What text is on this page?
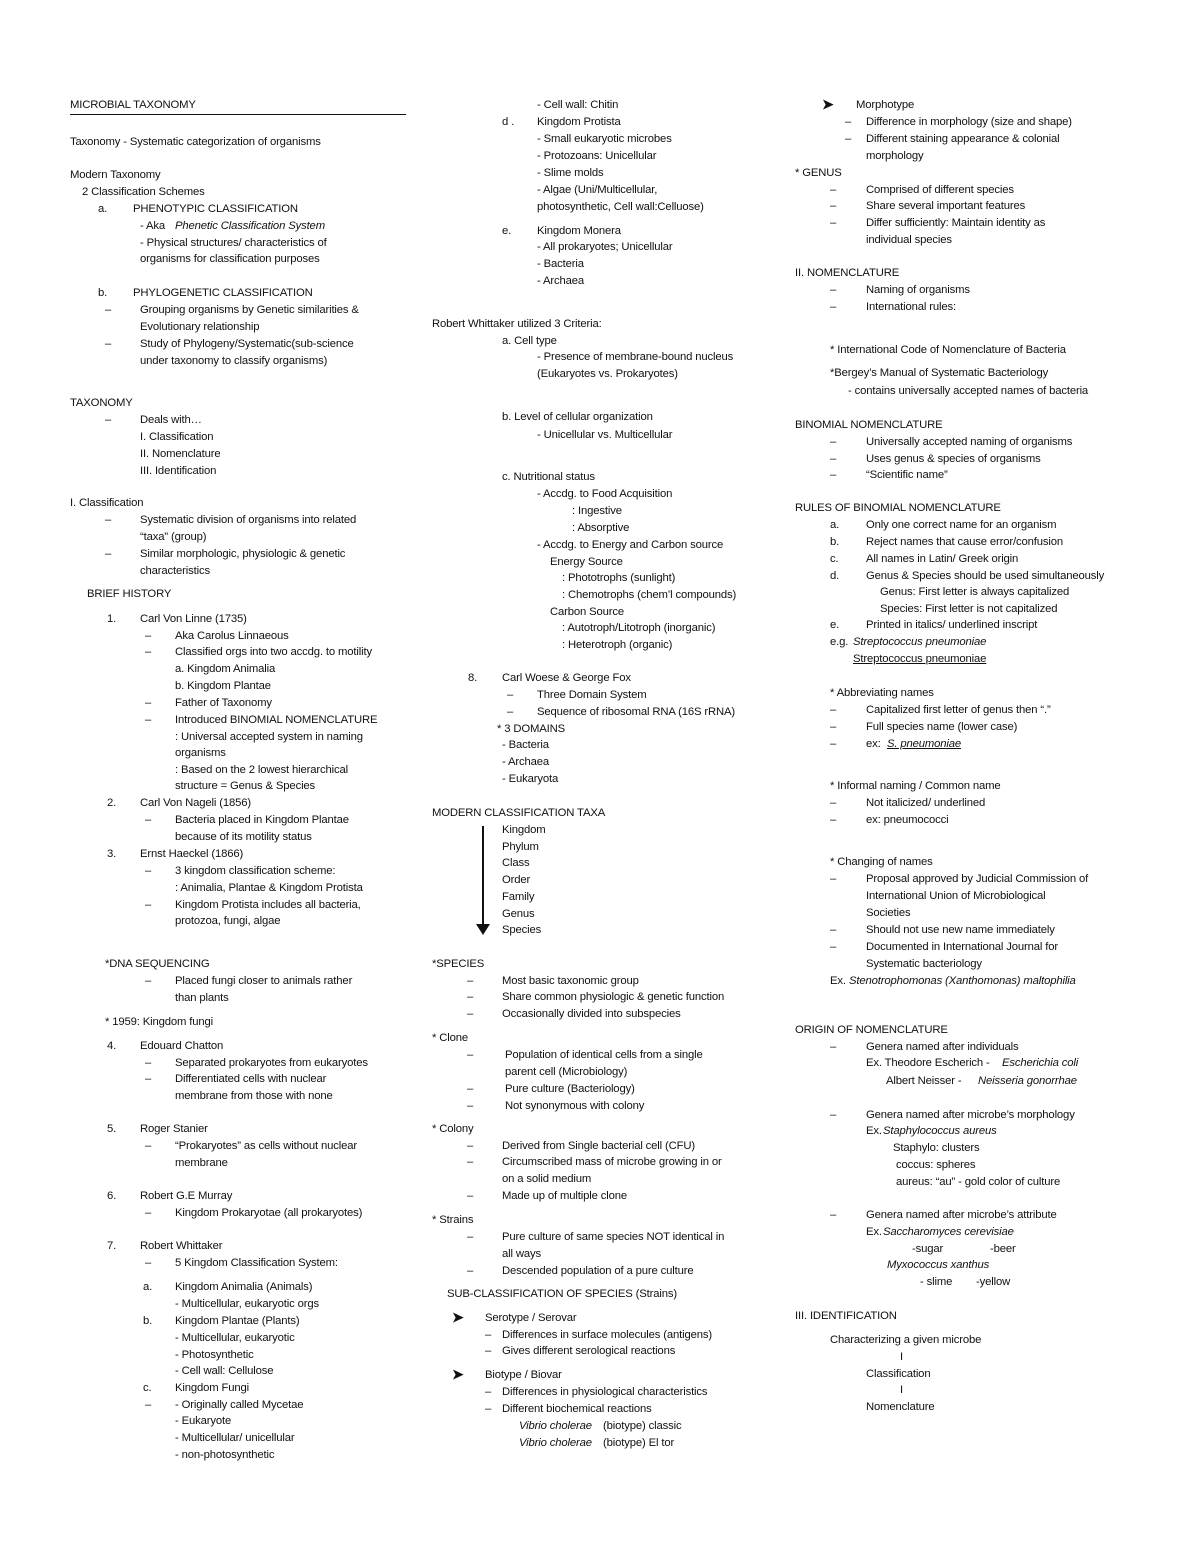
MICROBIAL TAXONOMY
Taxonomy - Systematic categorization of organisms
Modern Taxonomy
2 Classification Schemes
a. PHENOTYPIC CLASSIFICATION
- Aka Phenetic Classification System
- Physical structures/ characteristics of
organisms for classification purposes
b. PHYLOGENETIC CLASSIFICATION
–	Grouping organisms by Genetic similarities &
Evolutionary relationship
–	Study of Phylogeny/Systematic(sub-science
under taxonomy to classify organisms)
TAXONOMY
–	Deals with…
I. Classification
II. Nomenclature
III. Identification
I. Classification
–	Systematic division of organisms into related
“taxa” (group)
–	Similar morphologic, physiologic & genetic
characteristics
BRIEF HISTORY
1. Carl Von Linne (1735)
– Aka Carolus Linnaeous
– Classified orgs into two accdg. to motility
a. Kingdom Animalia
b. Kingdom Plantae
– Father of Taxonomy
– Introduced BINOMIAL NOMENCLATURE
: Universal accepted system in naming
organisms
: Based on the 2 lowest hierarchical
structure = Genus & Species
2. Carl Von Nageli (1856)
– Bacteria placed in Kingdom Plantae
because of its motility status
3. Ernst Haeckel (1866)
– 3 kingdom classification scheme:
: Animalia, Plantae & Kingdom Protista
– Kingdom Protista includes all bacteria,
protozoa, fungi, algae
*DNA SEQUENCING
– Placed fungi closer to animals rather
than plants
* 1959: Kingdom fungi
4. Edouard Chatton
– Separated prokaryotes from eukaryotes
– Differentiated cells with nuclear
membrane from those with none
5. Roger Stanier
– “Prokaryotes” as cells without nuclear
membrane
6. Robert G.E Murray
– Kingdom Prokaryotae (all prokaryotes)
7. Robert Whittaker
– 5 Kingdom Classification System:
a. Kingdom Animalia (Animals)
- Multicellular, eukaryotic orgs
b. Kingdom Plantae (Plants)
- Multicellular, eukaryotic
- Photosynthetic
- Cell wall: Cellulose
c. Kingdom Fungi
– - Originally called Mycetae
- Eukaryote
- Multicellular/ unicellular
- non-photosynthetic
- Cell wall: Chitin
d . Kingdom Protista
- Small eukaryotic microbes
- Protozoans: Unicellular
- Slime molds
- Algae (Uni/Multicellular,
photosynthetic, Cell wall:Celluose)
e. Kingdom Monera
- All prokaryotes; Unicellular
- Bacteria
- Archaea
Robert Whittaker utilized 3 Criteria:
a. Cell type
- Presence of membrane-bound nucleus
(Eukaryotes vs. Prokaryotes)
b. Level of cellular organization
- Unicellular vs. Multicellular
c. Nutritional status
- Accdg. to Food Acquisition
: Ingestive
: Absorptive
- Accdg. to Energy and Carbon source
Energy Source
: Phototrophs (sunlight)
: Chemotrophs (chem’l compounds)
Carbon Source
: Autotroph/Litotroph (inorganic)
: Heterotroph (organic)
8. Carl Woese & George Fox
– Three Domain System
– Sequence of ribosomal RNA (16S rRNA)
* 3 DOMAINS
- Bacteria
- Archaea
- Eukaryota
MODERN CLASSIFICATION TAXA
Kingdom
Phylum
Class
Order
Family
Genus
Species
*SPECIES
–	Most basic taxonomic group
–	Share common physiologic & genetic function
–	Occasionally divided into subspecies
* Clone
–	Population of identical cells from a single
parent cell (Microbiology)
–	Pure culture (Bacteriology)
–	Not synonymous with colony
* Colony
–	Derived from Single bacterial cell (CFU)
–	Circumscribed mass of microbe growing in or
on a solid medium
–	Made up of multiple clone
* Strains
–	Pure culture of same species NOT identical in
all ways
–	Descended population of a pure culture
SUB-CLASSIFICATION OF SPECIES (Strains)
Serotype / Serovar
– Differences in surface molecules (antigens)
– Gives different serological reactions
Biotype / Biovar
– Differences in physiological characteristics
– Different biochemical reactions
Vibrio cholerae (biotype) classic
Vibrio cholerae (biotype) El tor
Morphotype
– Difference in morphology (size and shape)
– Different staining appearance & colonial
morphology
* GENUS
–	Comprised of different species
–	Share several important features
–	Differ sufficiently: Maintain identity as
individual species
II. NOMENCLATURE
–	Naming of organisms
–	International rules:
* International Code of Nomenclature of Bacteria
*Bergey’s Manual of Systematic Bacteriology
- contains universally accepted names of bacteria
BINOMIAL NOMENCLATURE
–	Universally accepted naming of organisms
–	Uses genus & species of organisms
–	“Scientific name”
RULES OF BINOMIAL NOMENCLATURE
a. Only one correct name for an organism
b. Reject names that cause error/confusion
c. All names in Latin/ Greek origin
d. Genus & Species should be used simultaneously
Genus: First letter is always capitalized
Species: First letter is not capitalized
e. Printed in italics/ underlined inscript
e.g. Streptococcus pneumoniae
Streptococcus pneumoniae
* Abbreviating names
–	Capitalized first letter of genus then “.”
–	Full species name (lower case)
–	ex: S. pneumoniae
* Informal naming / Common name
–	Not italicized/ underlined
–	ex: pneumococci
* Changing of names
–	Proposal approved by Judicial Commission of
International Union of Microbiological
Societies
–	Should not use new name immediately
–	Documented in International Journal for
Systematic bacteriology
Ex. Stenotrophomonas (Xanthomonas) maltophilia
ORIGIN OF NOMENCLATURE
–	Genera named after individuals
Ex. Theodore Escherich - Escherichia coli
Albert Neisser - Neisseria gonorrhae
–	Genera named after microbe’s morphology
Ex. Staphylococcus aureus
Staphylo: clusters
coccus: spheres
aureus: “au” - gold color of culture
–	Genera named after microbe’s attribute
Ex. Saccharomyces cerevisiae
-sugar	-beer
Myxococcus xanthus
- slime -yellow
III. IDENTIFICATION
Characterizing a given microbe
I
Classification
I
Nomenclature
➤
➤
➤
